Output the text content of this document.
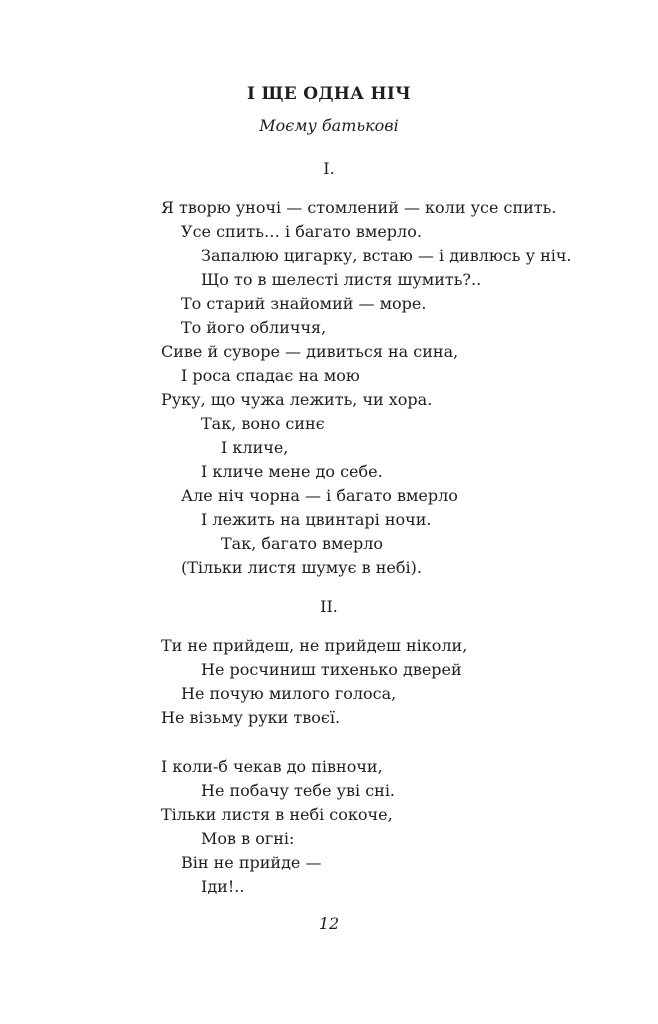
І ЩЕ ОДНА НІЧ
Моєму батькові
I.
Я творю уночі — стомлений — коли усе спить.
Усе спить… і багато вмерло.
Запалюю цигарку, встаю — і дивлюсь у ніч.
Що то в шелесті листя шумить?..
То старий знайомий — море.
То його обличчя,
Сиве й суворе — дивиться на сина,
І роса спадає на мою
Руку, що чужа лежить, чи хора.
Так, воно синє
І кличе,
І кличе мене до себе.
Але ніч чорна — і багато вмерло
І лежить на цвинтарі ночи.
Так, багато вмерло
(Тільки листя шумує в небі).
II.
Ти не прийдеш, не прийдеш ніколи,
Не росчиниш тихенько дверей
Не почую милого голоса,
Не візьму руки твоєї.
І коли-б чекав до півночи,
Не побачу тебе уві сні.
Тільки листя в небі сокоче,
Мов в огні:
Він не прийде —
Іди!..
12
